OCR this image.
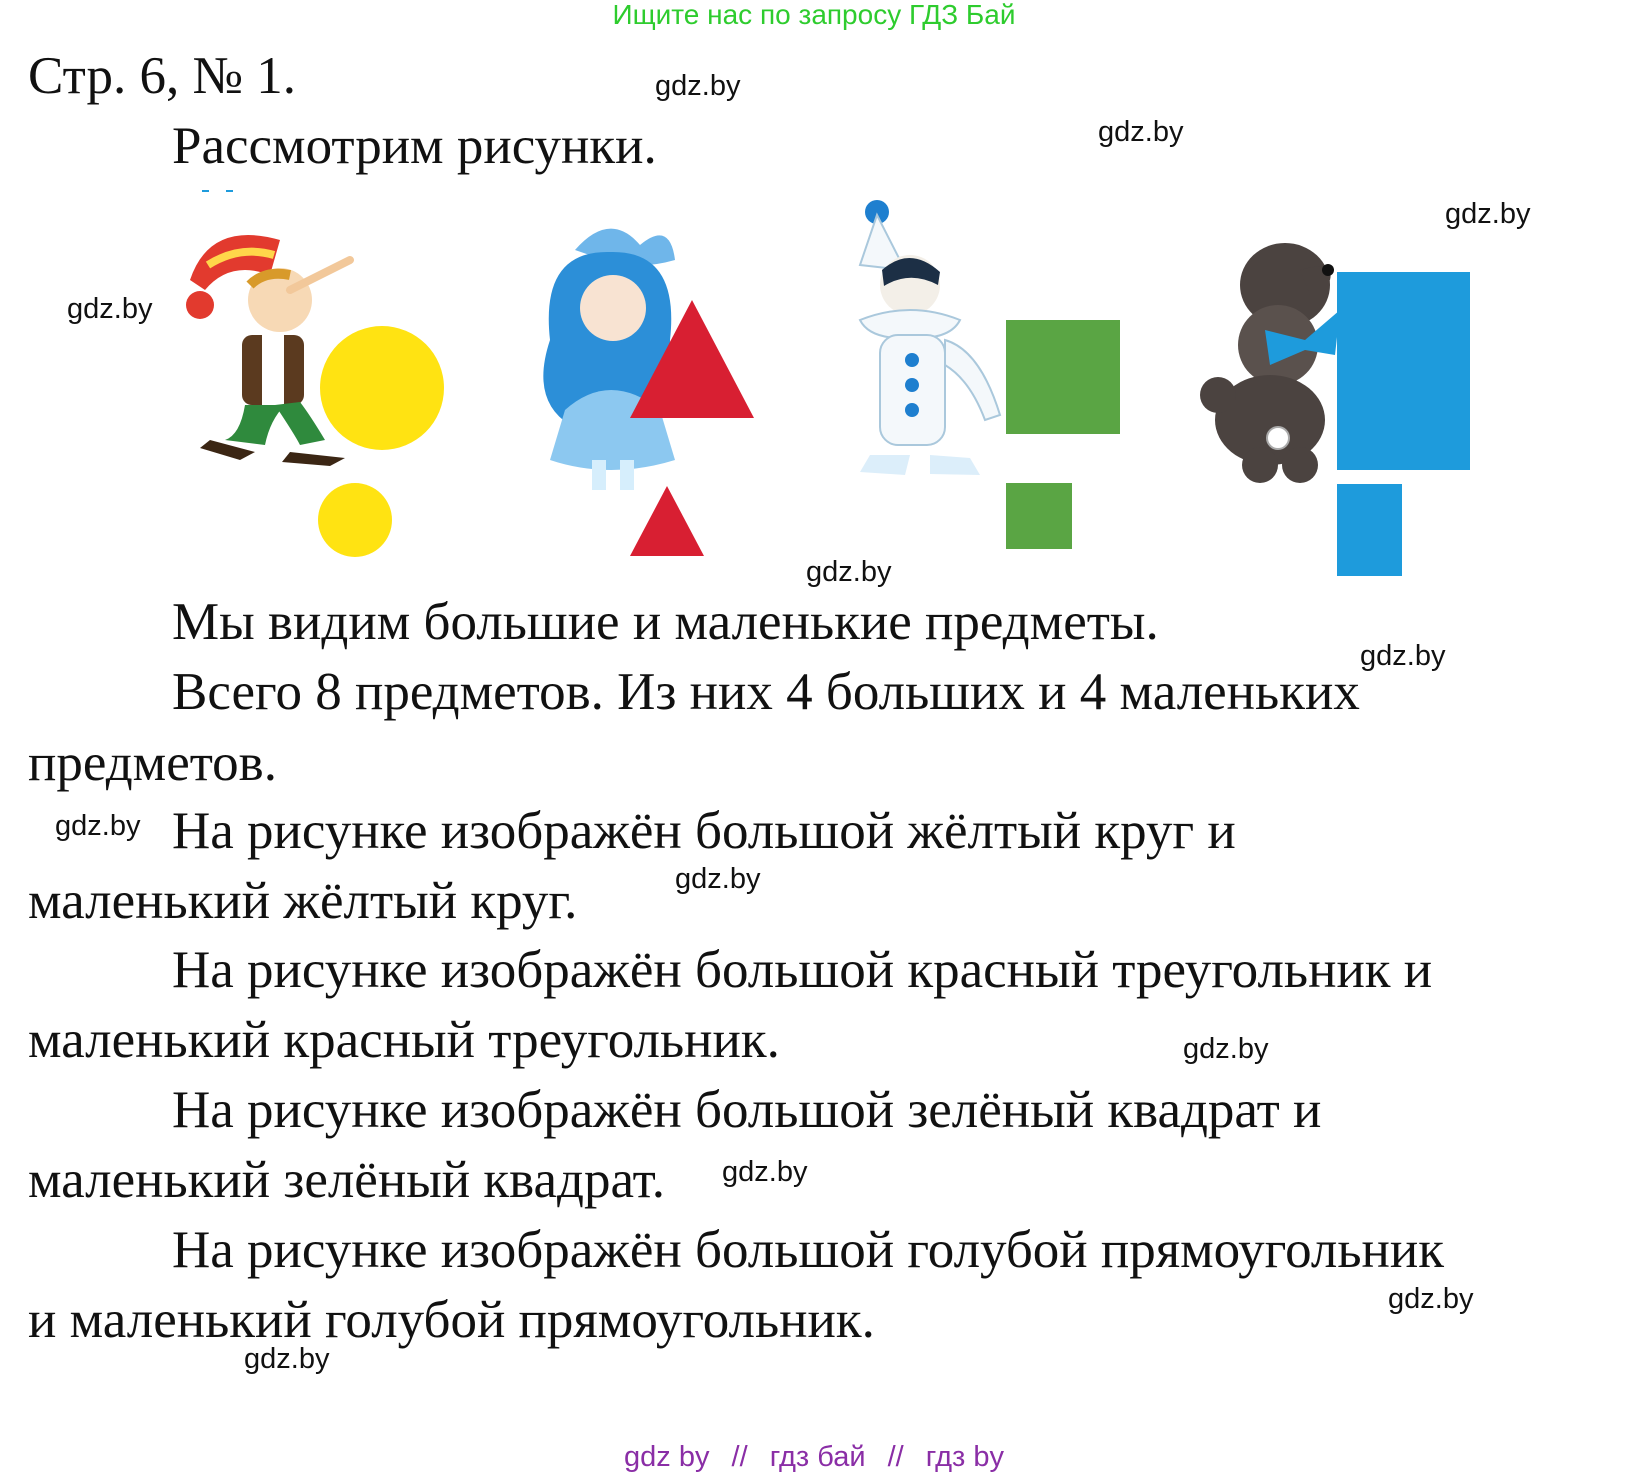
Ищите нас по запросу ГДЗ Бай
Стр. 6, № 1.	gdz.by
Рассмотрим рисунки.	gdz.by
gdz.by
gdz.by
gdz.by
Мы видим большие и маленькие предметы.
gdz.by
Всего 8 предметов. Из них 4 больших и 4 маленьких
предметов.
gdz.by На рисунке изображён большой жёлтый круг и
маленький жёлтый круг.	gdz.by
На рисунке изображён большой красный треугольник и
маленький красный треугольник.	gdz.by
На рисунке изображён большой зелёный квадрат и
маленький зелёный квадрат. gdz.by
На рисунке изображён большой голубой прямоугольник
и маленький голубой прямоугольник.	gdz.by
gdz.by
gdz by // гдз бай // гдз by
